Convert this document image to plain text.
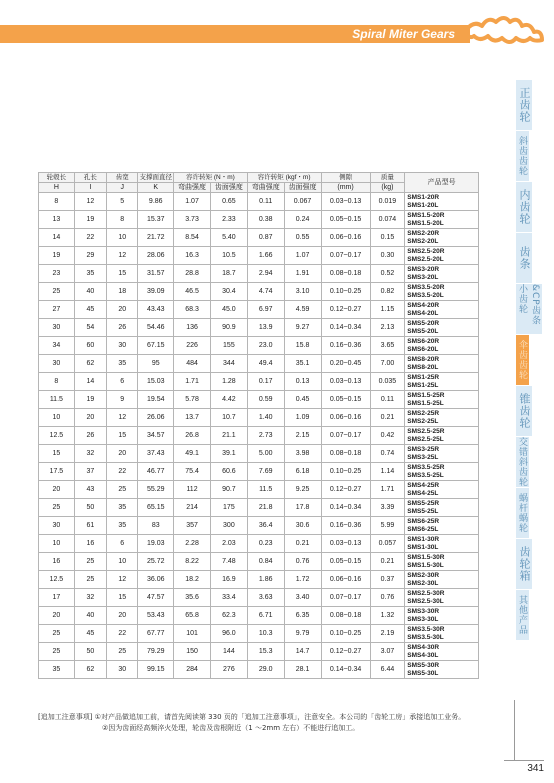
Spiral Miter Gears
正齿轮
斜齿齿轮
内齿轮
齿条
&CP齿条小齿轮
伞齿齿轮
锥齿轮
交错斜齿轮
蜗杆蜗轮
齿轮箱
其他产品
轮毂长	孔长	齿宽	支撑面直径	容许转矩 (N・m)		容许转矩 (kgf・m)		侧隙	质量	产品型号
H	I	J	K	弯曲强度	齿面强度	弯曲强度	齿面强度	(mm)	(kg)	
8	12	5	9.86	1.07	0.65	0.11	0.067	0.03~0.13	0.019	SMS1-20R
SMS1-20L

13	19	8	15.37	3.73	2.33	0.38	0.24	0.05~0.15	0.074	SMS1.5-20R
SMS1.5-20L

14	22	10	21.72	8.54	5.40	0.87	0.55	0.06~0.16	0.15	SMS2-20R
SMS2-20L

19	29	12	28.06	16.3	10.5	1.66	1.07	0.07~0.17	0.30	SMS2.5-20R
SMS2.5-20L

23	35	15	31.57	28.8	18.7	2.94	1.91	0.08~0.18	0.52	SMS3-20R
SMS3-20L

25	40	18	39.09	46.5	30.4	4.74	3.10	0.10~0.25	0.82	SMS3.5-20R
SMS3.5-20L

27	45	20	43.43	68.3	45.0	6.97	4.59	0.12~0.27	1.15	SMS4-20R
SMS4-20L

30	54	26	54.46	136	90.9	13.9	9.27	0.14~0.34	2.13	SMS5-20R
SMS5-20L

34	60	30	67.15	226	155	23.0	15.8	0.16~0.36	3.65	SMS6-20R
SMS6-20L

30	62	35	95	484	344	49.4	35.1	0.20~0.45	7.00	SMS8-20R
SMS8-20L

8	14	6	15.03	1.71	1.28	0.17	0.13	0.03~0.13	0.035	SMS1-25R
SMS1-25L

11.5	19	9	19.54	5.78	4.42	0.59	0.45	0.05~0.15	0.11	SMS1.5-25R
SMS1.5-25L

10	20	12	26.06	13.7	10.7	1.40	1.09	0.06~0.16	0.21	SMS2-25R
SMS2-25L

12.5	26	15	34.57	26.8	21.1	2.73	2.15	0.07~0.17	0.42	SMS2.5-25R
SMS2.5-25L

15	32	20	37.43	49.1	39.1	5.00	3.98	0.08~0.18	0.74	SMS3-25R
SMS3-25L

17.5	37	22	46.77	75.4	60.6	7.69	6.18	0.10~0.25	1.14	SMS3.5-25R
SMS3.5-25L

20	43	25	55.29	112	90.7	11.5	9.25	0.12~0.27	1.71	SMS4-25R
SMS4-25L

25	50	35	65.15	214	175	21.8	17.8	0.14~0.34	3.39	SMS5-25R
SMS5-25L

30	61	35	83	357	300	36.4	30.6	0.16~0.36	5.99	SMS6-25R
SMS6-25L

10	16	6	19.03	2.28	2.03	0.23	0.21	0.03~0.13	0.057	SMS1-30R
SMS1-30L

16	25	10	25.72	8.22	7.48	0.84	0.76	0.05~0.15	0.21	SMS1.5-30R
SMS1.5-30L

12.5	25	12	36.06	18.2	16.9	1.86	1.72	0.06~0.16	0.37	SMS2-30R
SMS2-30L

17	32	15	47.57	35.6	33.4	3.63	3.40	0.07~0.17	0.76	SMS2.5-30R
SMS2.5-30L

20	40	20	53.43	65.8	62.3	6.71	6.35	0.08~0.18	1.32	SMS3-30R
SMS3-30L

25	45	22	67.77	101	96.0	10.3	9.79	0.10~0.25	2.19	SMS3.5-30R
SMS3.5-30L

25	50	25	79.29	150	144	15.3	14.7	0.12~0.27	3.07	SMS4-30R
SMS4-30L

35	62	30	99.15	284	276	29.0	28.1	0.14~0.34	6.44	SMS5-30R
SMS5-30L
[追加工注意事项] ①对产品做追加工前，请首先阅读第 330 页的「追加工注意事项」，注意安全。本公司的「齿轮工房」承接追加工业务。
②因为齿面经高频淬火处理，轮齿及齿根附近（1 ～2mm 左右）不能进行追加工。
341
